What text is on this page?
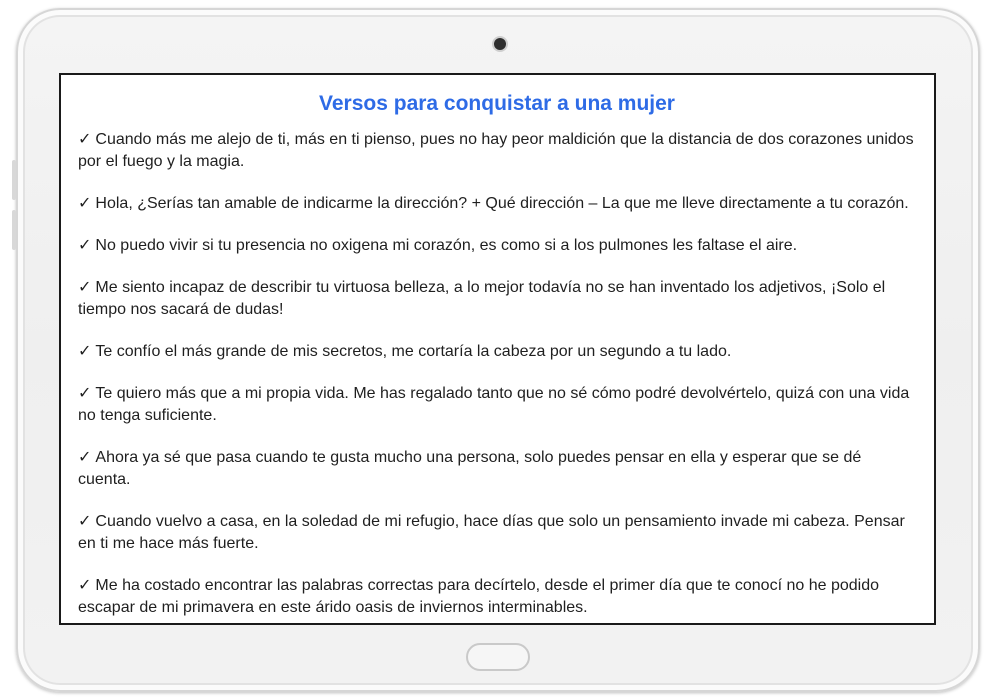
Versos para conquistar a una mujer

✓ Cuando más me alejo de ti, más en ti pienso, pues no hay peor maldición que la distancia de dos corazones unidos por el fuego y la magia.

✓ Hola, ¿Serías tan amable de indicarme la dirección? + Qué dirección – La que me lleve directamente a tu corazón.

✓ No puedo vivir si tu presencia no oxigena mi corazón, es como si a los pulmones les faltase el aire.

✓ Me siento incapaz de describir tu virtuosa belleza, a lo mejor todavía no se han inventado los adjetivos, ¡Solo el tiempo nos sacará de dudas!

✓ Te confío el más grande de mis secretos, me cortaría la cabeza por un segundo a tu lado.

✓ Te quiero más que a mi propia vida. Me has regalado tanto que no sé cómo podré devolvértelo, quizá con una vida no tenga suficiente.

✓ Ahora ya sé que pasa cuando te gusta mucho una persona, solo puedes pensar en ella y esperar que se dé cuenta.

✓ Cuando vuelvo a casa, en la soledad de mi refugio, hace días que solo un pensamiento invade mi cabeza. Pensar en ti me hace más fuerte.

✓ Me ha costado encontrar las palabras correctas para decírtelo, desde el primer día que te conocí no he podido escapar de mi primavera en este árido oasis de inviernos interminables.
